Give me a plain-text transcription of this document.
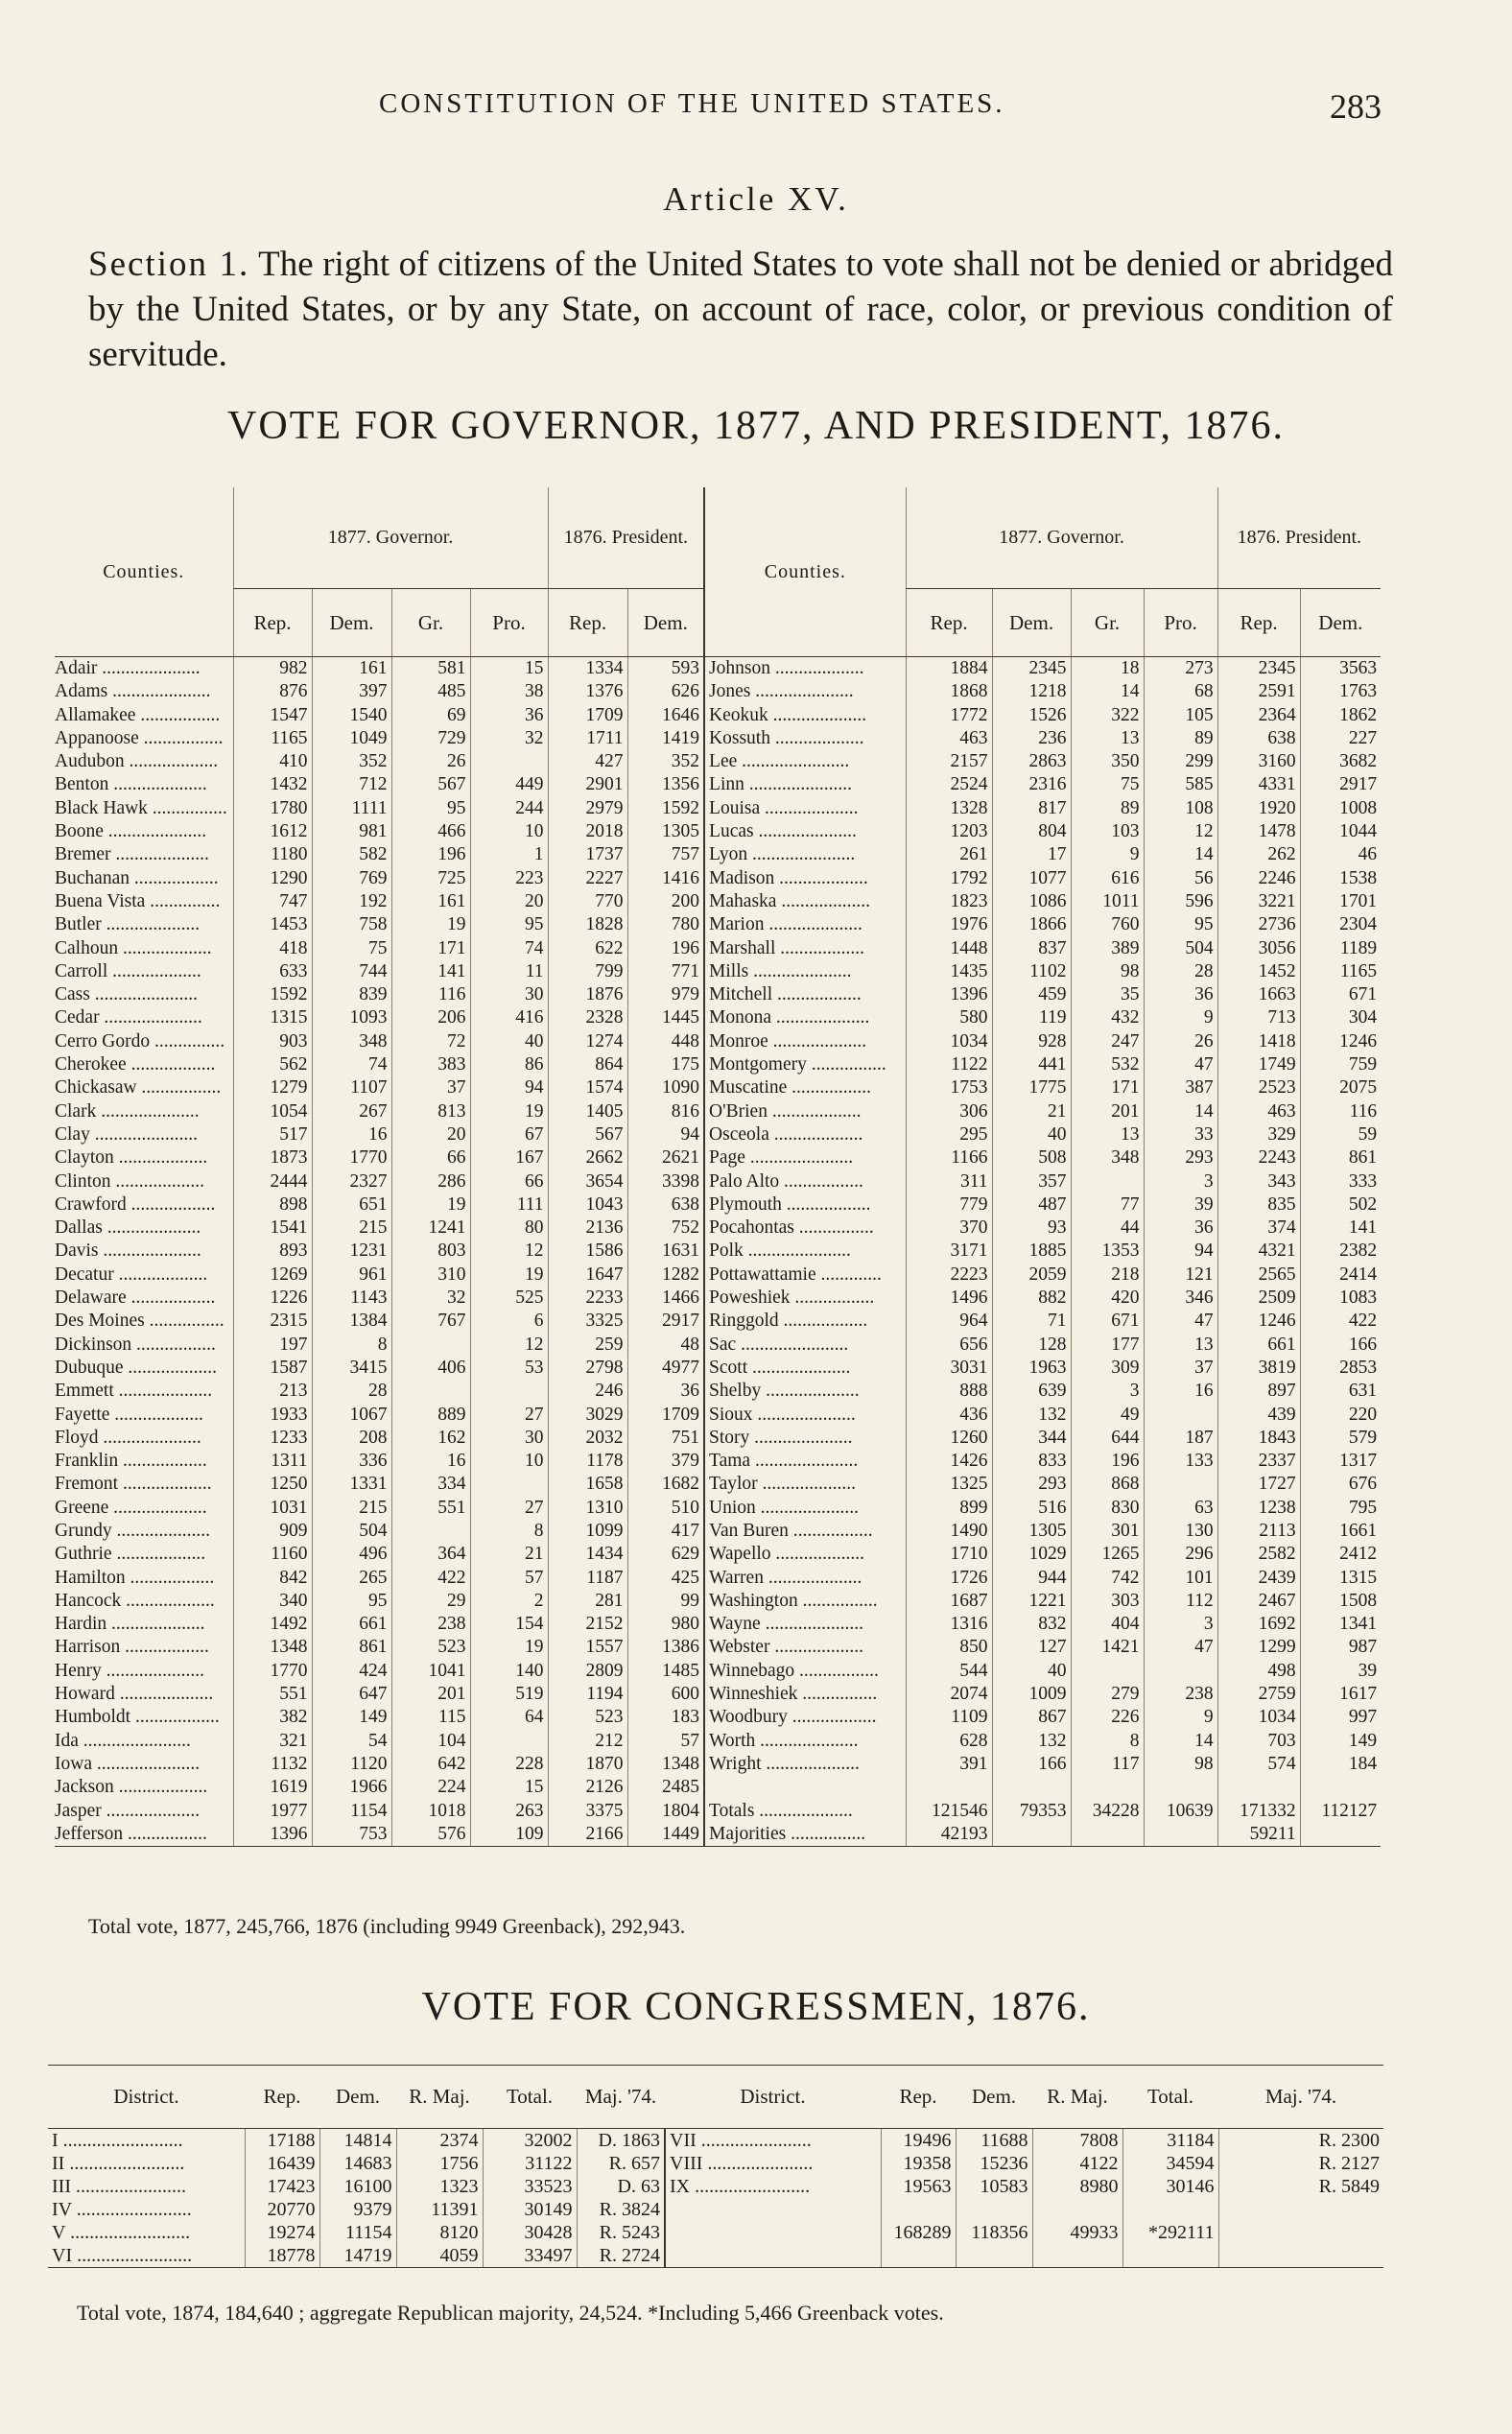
CONSTITUTION OF THE UNITED STATES.	283
Article XV.
Section 1. The right of citizens of the United States to vote shall not be denied or abridged by the United States, or by any State, on account of race, color, or previous condition of servitude.
VOTE FOR GOVERNOR, 1877, AND PRESIDENT, 1876.
Counties.	1877. Governor.				1876. President.		Counties.	1877. Governor.				1876. President.	
	Rep.	Dem.	Gr.	Pro.	Rep.	Dem.		Rep.	Dem.	Gr.	Pro.	Rep.	Dem.
Adair .....................	982	161	581	15	1334	593	Johnson ...................	1884	2345	18	273	2345	3563
Adams .....................	876	397	485	38	1376	626	Jones .....................	1868	1218	14	68	2591	1763
Allamakee .................	1547	1540	69	36	1709	1646	Keokuk ....................	1772	1526	322	105	2364	1862
Appanoose .................	1165	1049	729	32	1711	1419	Kossuth ...................	463	236	13	89	638	227
Audubon ...................	410	352	26		427	352	Lee .......................	2157	2863	350	299	3160	3682
Benton ....................	1432	712	567	449	2901	1356	Linn ......................	2524	2316	75	585	4331	2917
Black Hawk ................	1780	1111	95	244	2979	1592	Louisa ....................	1328	817	89	108	1920	1008
Boone .....................	1612	981	466	10	2018	1305	Lucas .....................	1203	804	103	12	1478	1044
Bremer ....................	1180	582	196	1	1737	757	Lyon ......................	261	17	9	14	262	46
Buchanan ..................	1290	769	725	223	2227	1416	Madison ...................	1792	1077	616	56	2246	1538
Buena Vista ...............	747	192	161	20	770	200	Mahaska ...................	1823	1086	1011	596	3221	1701
Butler ....................	1453	758	19	95	1828	780	Marion ....................	1976	1866	760	95	2736	2304
Calhoun ...................	418	75	171	74	622	196	Marshall ..................	1448	837	389	504	3056	1189
Carroll ...................	633	744	141	11	799	771	Mills .....................	1435	1102	98	28	1452	1165
Cass ......................	1592	839	116	30	1876	979	Mitchell ..................	1396	459	35	36	1663	671
Cedar .....................	1315	1093	206	416	2328	1445	Monona ....................	580	119	432	9	713	304
Cerro Gordo ...............	903	348	72	40	1274	448	Monroe ....................	1034	928	247	26	1418	1246
Cherokee ..................	562	74	383	86	864	175	Montgomery ................	1122	441	532	47	1749	759
Chickasaw .................	1279	1107	37	94	1574	1090	Muscatine .................	1753	1775	171	387	2523	2075
Clark .....................	1054	267	813	19	1405	816	O'Brien ...................	306	21	201	14	463	116
Clay ......................	517	16	20	67	567	94	Osceola ...................	295	40	13	33	329	59
Clayton ...................	1873	1770	66	167	2662	2621	Page ......................	1166	508	348	293	2243	861
Clinton ...................	2444	2327	286	66	3654	3398	Palo Alto .................	311	357		3	343	333
Crawford ..................	898	651	19	111	1043	638	Plymouth ..................	779	487	77	39	835	502
Dallas ....................	1541	215	1241	80	2136	752	Pocahontas ................	370	93	44	36	374	141
Davis .....................	893	1231	803	12	1586	1631	Polk ......................	3171	1885	1353	94	4321	2382
Decatur ...................	1269	961	310	19	1647	1282	Pottawattamie .............	2223	2059	218	121	2565	2414
Delaware ..................	1226	1143	32	525	2233	1466	Poweshiek .................	1496	882	420	346	2509	1083
Des Moines ................	2315	1384	767	6	3325	2917	Ringgold ..................	964	71	671	47	1246	422
Dickinson .................	197	8		12	259	48	Sac .......................	656	128	177	13	661	166
Dubuque ...................	1587	3415	406	53	2798	4977	Scott .....................	3031	1963	309	37	3819	2853
Emmett ....................	213	28			246	36	Shelby ....................	888	639	3	16	897	631
Fayette ...................	1933	1067	889	27	3029	1709	Sioux .....................	436	132	49		439	220
Floyd .....................	1233	208	162	30	2032	751	Story .....................	1260	344	644	187	1843	579
Franklin ..................	1311	336	16	10	1178	379	Tama ......................	1426	833	196	133	2337	1317
Fremont ...................	1250	1331	334		1658	1682	Taylor ....................	1325	293	868		1727	676
Greene ....................	1031	215	551	27	1310	510	Union .....................	899	516	830	63	1238	795
Grundy ....................	909	504		8	1099	417	Van Buren .................	1490	1305	301	130	2113	1661
Guthrie ...................	1160	496	364	21	1434	629	Wapello ...................	1710	1029	1265	296	2582	2412
Hamilton ..................	842	265	422	57	1187	425	Warren ....................	1726	944	742	101	2439	1315
Hancock ...................	340	95	29	2	281	99	Washington ................	1687	1221	303	112	2467	1508
Hardin ....................	1492	661	238	154	2152	980	Wayne .....................	1316	832	404	3	1692	1341
Harrison ..................	1348	861	523	19	1557	1386	Webster ...................	850	127	1421	47	1299	987
Henry .....................	1770	424	1041	140	2809	1485	Winnebago .................	544	40			498	39
Howard ....................	551	647	201	519	1194	600	Winneshiek ................	2074	1009	279	238	2759	1617
Humboldt ..................	382	149	115	64	523	183	Woodbury ..................	1109	867	226	9	1034	997
Ida .......................	321	54	104		212	57	Worth .....................	628	132	8	14	703	149
Iowa ......................	1132	1120	642	228	1870	1348	Wright ....................	391	166	117	98	574	184
Jackson ...................	1619	1966	224	15	2126	2485							
Jasper ....................	1977	1154	1018	263	3375	1804	Totals ....................	121546	79353	34228	10639	171332	112127
Jefferson .................	1396	753	576	109	2166	1449	Majorities ................	42193				59211	
Total vote, 1877, 245,766, 1876 (including 9949 Greenback), 292,943.
VOTE FOR CONGRESSMEN, 1876.
District.	Rep.	Dem.	R. Maj.	Total.	Maj. '74.	District.	Rep.	Dem.	R. Maj.	Total.	Maj. '74.
I .........................	17188	14814	2374	32002	D. 1863	VII .......................	19496	11688	7808	31184	R. 2300
II ........................	16439	14683	1756	31122	R. 657	VIII ......................	19358	15236	4122	34594	R. 2127
III .......................	17423	16100	1323	33523	D. 63	IX ........................	19563	10583	8980	30146	R. 5849
IV ........................	20770	9379	11391	30149	R. 3824						
V .........................	19274	11154	8120	30428	R. 5243		168289	118356	49933	*292111	
VI ........................	18778	14719	4059	33497	R. 2724						
Total vote, 1874, 184,640 ; aggregate Republican majority, 24,524. *Including 5,466 Greenback votes.
